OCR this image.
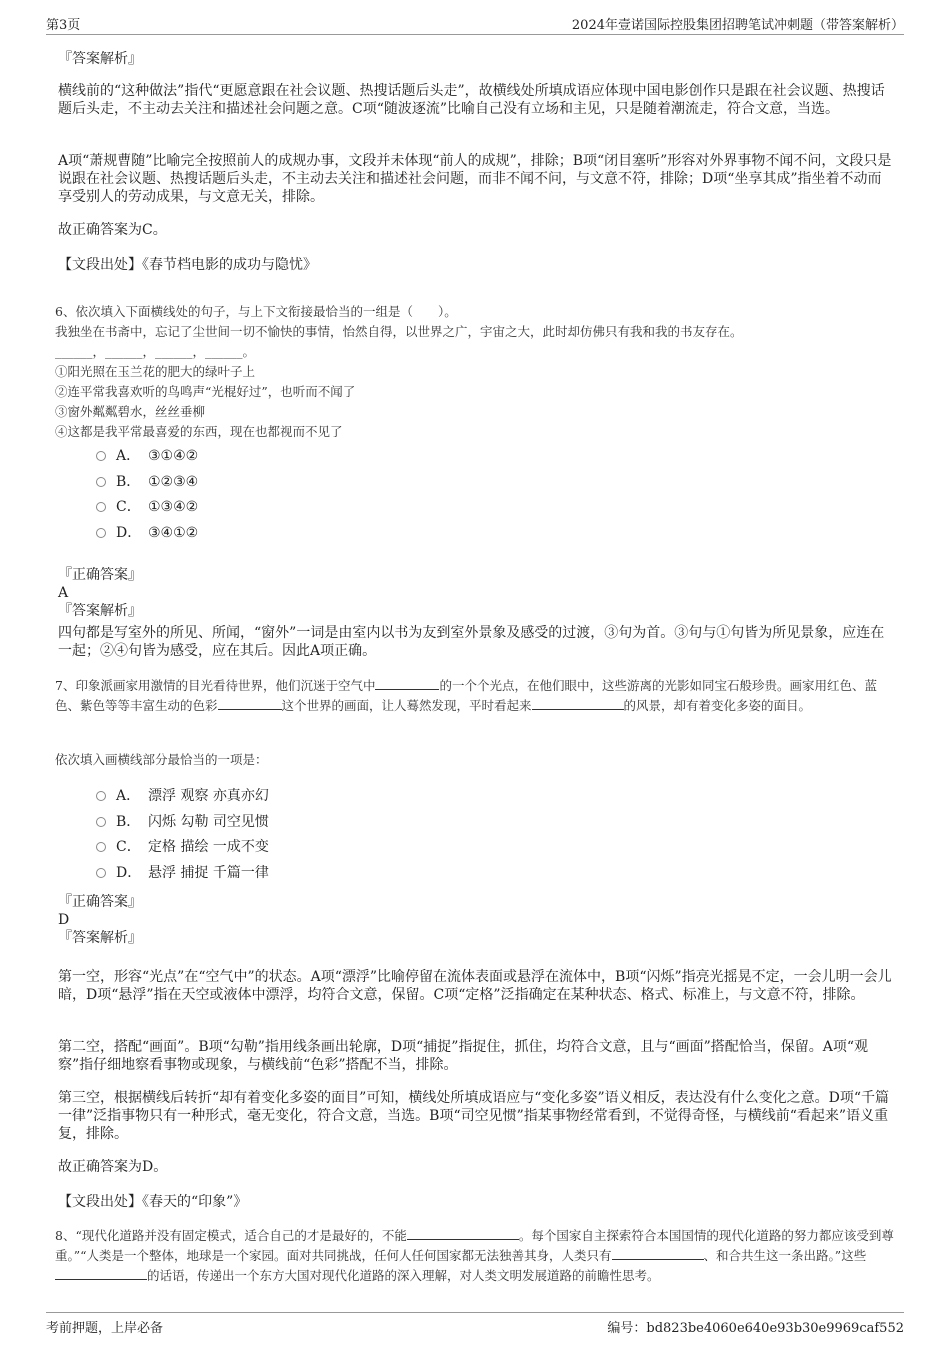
第3页	2024年壹诺国际控股集团招聘笔试冲刺题（带答案解析）

『答案解析』

横线前的“这种做法”指代“更愿意跟在社会议题、热搜话题后头走”，故横线处所填成语应体现中国电影创作只是跟在社会议题、热搜话题后头走，不主动去关注和描述社会问题之意。C项“随波逐流”比喻自己没有立场和主见，只是随着潮流走，符合文意，当选。

A项“萧规曹随”比喻完全按照前人的成规办事，文段并未体现“前人的成规”，排除；B项“闭目塞听”形容对外界事物不闻不问，文段只是说跟在社会议题、热搜话题后头走，不主动去关注和描述社会问题，而非不闻不问，与文意不符，排除；D项“坐享其成”指坐着不动而享受别人的劳动成果，与文意无关，排除。

故正确答案为C。

【文段出处】《春节档电影的成功与隐忧》

6、依次填入下面横线处的句子，与上下文衔接最恰当的一组是（　　）。

我独坐在书斋中，忘记了尘世间一切不愉快的事情，怡然自得，以世界之广，宇宙之大，此时却仿佛只有我和我的书友存在。

______，______，______，______。

①阳光照在玉兰花的肥大的绿叶子上

②连平常我喜欢听的鸟鸣声“光棍好过”，也听而不闻了

③窗外粼粼碧水，丝丝垂柳

④这都是我平常最喜爱的东西，现在也都视而不见了

A． ③①④②
B． ①②③④
C． ①③④②
D． ③④①②
『正确答案』
A
『答案解析』

四句都是写室外的所见、所闻，“窗外”一词是由室内以书为友到室外景象及感受的过渡，③句为首。③句与①句皆为所见景象，应连在一起；②④句皆为感受，应在其后。因此A项正确。

7、印象派画家用激情的目光看待世界，他们沉迷于空气中	的一个个光点，在他们眼中，这些游离的光影如同宝石般珍贵。画家用红色、蓝色、紫色等等丰富生动的色彩	这个世界的画面，让人蓦然发现，平时看起来	的风景，却有着变化多姿的面目。

依次填入画横线部分最恰当的一项是：

A． 漂浮 观察 亦真亦幻
B． 闪烁 勾勒 司空见惯
C． 定格 描绘 一成不变
D． 悬浮 捕捉 千篇一律
『正确答案』
D
『答案解析』

第一空，形容“光点”在“空气中”的状态。A项“漂浮”比喻停留在流体表面或悬浮在流体中，B项“闪烁”指亮光摇晃不定，一会儿明一会儿暗，D项“悬浮”指在天空或液体中漂浮，均符合文意，保留。C项“定格”泛指确定在某种状态、格式、标准上，与文意不符，排除。

第二空，搭配“画面”。B项“勾勒”指用线条画出轮廓，D项“捕捉”指捉住，抓住，均符合文意，且与“画面”搭配恰当，保留。A项“观察”指仔细地察看事物或现象，与横线前“色彩”搭配不当，排除。

第三空，根据横线后转折“却有着变化多姿的面目”可知，横线处所填成语应与“变化多姿”语义相反，表达没有什么变化之意。D项“千篇一律”泛指事物只有一种形式，毫无变化，符合文意，当选。B项“司空见惯”指某事物经常看到，不觉得奇怪，与横线前“看起来”语义重复，排除。

故正确答案为D。

【文段出处】《春天的“印象”》

8、“现代化道路并没有固定模式，适合自己的才是最好的，不能	。每个国家自主探索符合本国国情的现代化道路的努力都应该受到尊重。”“人类是一个整体，地球是一个家园。面对共同挑战，任何人任何国家都无法独善其身，人类只有	、和合共生这一条出路。”这些的话语，传递出一个东方大国对现代化道路的深入理解，对人类文明发展道路的前瞻性思考。

考前押题，上岸必备	编号：bd823be4060e640e93b30e9969caf552
